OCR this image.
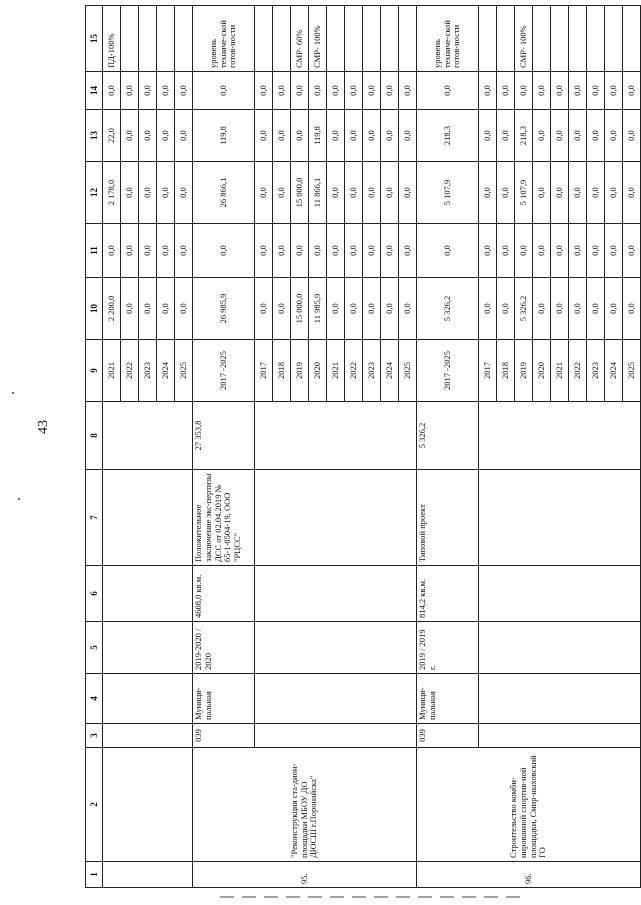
43
1	2	3	4	5	6	7	8	9	10	11	12	13	14	15
								2021	2 200,0	0,0	2 178,0	22,0	0,0	ПД-100%
								2022	0,0	0,0	0,0	0,0	0,0	
								2023	0,0	0,0	0,0	0,0	0,0	
								2024	0,0	0,0	0,0	0,0	0,0	
								2025	0,0	0,0	0,0	0,0	0,0	
95.	"Реконструкция ста-дион-площадки МБОУ ДО ДЮСШ г.Поронайска"	039	Муници-пальная	2019-2020 / 2020	4608,0 кв.м.	Положительное заключение экс-пертизы ДСС от 02.04.2019 № 65-1-0504-19, ООО "РЦСС"	27 353,8	2017 -2025	26 985,9	0,0	26 866,1	119,8	0,0	уровень техниче-ской готов-ности
								2017	0,0	0,0	0,0	0,0	0,0	
								2018	0,0	0,0	0,0	0,0	0,0	
								2019	15 000,0	0,0	15 000,0	0,0	0,0	СМР- 60%
								2020	11 985,9	0,0	11 866,1	119,8	0,0	СМР- 100%
								2021	0,0	0,0	0,0	0,0	0,0	
								2022	0,0	0,0	0,0	0,0	0,0	
								2023	0,0	0,0	0,0	0,0	0,0	
								2024	0,0	0,0	0,0	0,0	0,0	
								2025	0,0	0,0	0,0	0,0	0,0	
96.	Строительство комби-нированной спортив-ной площадки, Смир-ныховский ГО	039	Муници-пальная	2019 / 2019 г.	814,2 кв.м.	Типовой проект	5 326,2	2017 -2025	5 326,2	0,0	5 107,9	218,3	0,0	уровень техниче-ской готов-ности
								2017	0,0	0,0	0,0	0,0	0,0	
								2018	0,0	0,0	0,0	0,0	0,0	
								2019	5 326,2	0,0	5 107,9	218,3	0,0	СМР- 100%
								2020	0,0	0,0	0,0	0,0	0,0	
								2021	0,0	0,0	0,0	0,0	0,0	
								2022	0,0	0,0	0,0	0,0	0,0	
								2023	0,0	0,0	0,0	0,0	0,0	
								2024	0,0	0,0	0,0	0,0	0,0	
								2025	0,0	0,0	0,0	0,0	0,0	
